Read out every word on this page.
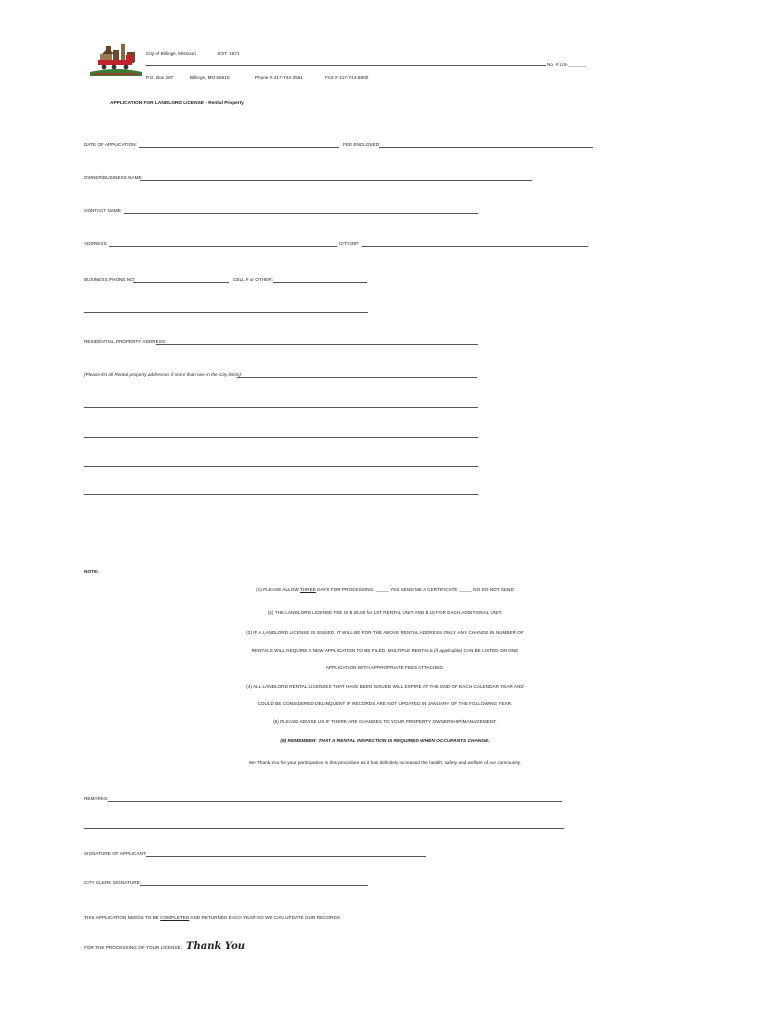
City of Billings, Missouri	EST. 1871
No. # LIS-_______
P.O. Box 207	Billings, MO 65610	Phone # 417-744-2581	FAX # 417-744-8800
APPLICATION FOR LANDLORD LICENSE - Rental Property
DATE OF APPLICATION:	FEE ENCLOSED:
OWNER/BUSINESS NAME:
CONTACT NAME:
ADDRESS:	CITY/ZIP:
BUSINESS PHONE NO:	CELL # or OTHER:
RESIDENTIAL PROPERTY ADDRESS:
(Please list all Rental property addresses if more than one in the City limits):
NOTE:
(1) PLEASE ALLOW THREE DAYS FOR PROCESSING. _____ YES SEND ME A CERTIFICATE _____ NO DO NOT SEND
(2) THE LANDLORD LICENSE FEE IS $ 25.00 for 1ST RENTAL UNIT AND $ 10 FOR EACH ADDITIONAL UNIT.
(3) IF A LANDLORD LICENSE IS ISSUED, IT WILL BE FOR THE ABOVE RENTAL ADDRESS ONLY. ANY CHANGE IN NUMBER OF
RENTALS WILL REQUIRE A NEW APPLICATION TO BE FILED. MULTIPLE RENTALS (if applicable) CAN BE LISTED ON ONE
APPLICATION WITH APPROPRIATE FEES ATTACHED.
(4) ALL LANDLORD RENTAL LICENSES THAT HAVE BEEN ISSUED WILL EXPIRE AT THE END OF EACH CALENDAR YEAR AND
COULD BE CONSIDERED DELINQUENT IF RECORDS ARE NOT UPDATED IN JANUARY OF THE FOLLOWING YEAR.
(5) PLEASE ADVISE US IF THERE ARE CHANGES TO YOUR PROPERTY OWNERSHIP/MANAGEMENT.
(6) REMEMBER: THAT A RENTAL INSPECTION IS REQUIRED WHEN OCCUPANTS CHANGE.
We Thank You for your participation in this procedure as it has definitely increased the health, safety and welfare of our community.
REMARKS:
SIGNATURE OF APPLICANT:
CITY CLERK SIGNATURE:
THIS APPLICATION NEEDS TO BE COMPLETED AND RETURNED EACH YEAR SO WE CAN UPDATE OUR RECORDS
FOR THE PROCESSING OF YOUR LICENSE. Thank You
